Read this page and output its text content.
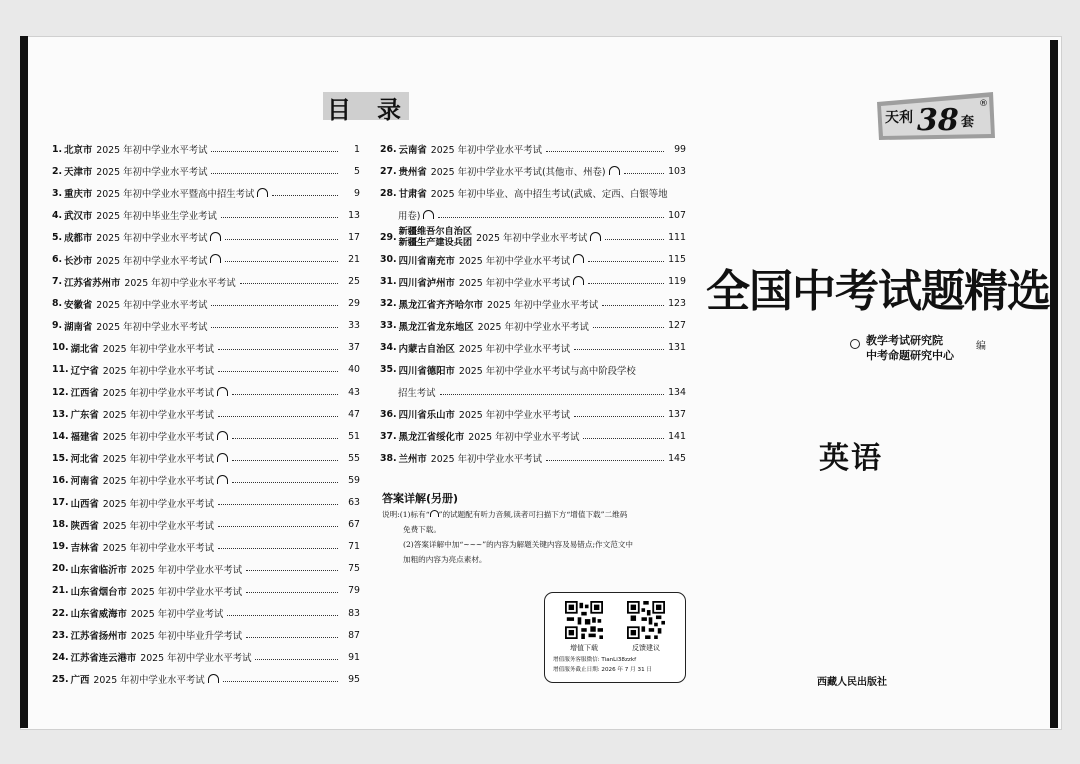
目录
1. 北京市 2025 年初中学业水平考试	1
2. 天津市 2025 年初中学业水平考试	5
3. 重庆市 2025 年初中学业水平暨高中招生考试	9
4. 武汉市 2025 年初中毕业生学业考试	13
5. 成都市 2025 年初中学业水平考试	17
6. 长沙市 2025 年初中学业水平考试	21
7. 江苏省苏州市 2025 年初中学业水平考试	25
8. 安徽省 2025 年初中学业水平考试	29
9. 湖南省 2025 年初中学业水平考试	33
10. 湖北省 2025 年初中学业水平考试	37
11. 辽宁省 2025 年初中学业水平考试	40
12. 江西省 2025 年初中学业水平考试	43
13. 广东省 2025 年初中学业水平考试	47
14. 福建省 2025 年初中学业水平考试	51
15. 河北省 2025 年初中学业水平考试	55
16. 河南省 2025 年初中学业水平考试	59
17. 山西省 2025 年初中学业水平考试	63
18. 陕西省 2025 年初中学业水平考试	67
19. 吉林省 2025 年初中学业水平考试	71
20. 山东省临沂市 2025 年初中学业水平考试	75
21. 山东省烟台市 2025 年初中学业水平考试	79
22. 山东省威海市 2025 年初中学业考试	83
23. 江苏省扬州市 2025 年初中毕业升学考试	87
24. 江苏省连云港市 2025 年初中学业水平考试	91
25. 广西 2025 年初中学业水平考试	95
26. 云南省 2025 年初中学业水平考试	99
27. 贵州省 2025 年初中学业水平考试(其他市、州卷)	103
28. 甘肃省 2025 年初中毕业、高中招生考试(武威、定西、白银等地
用卷)	107
29. 新疆维吾尔自治区
新疆生产建设兵团 2025 年初中学业水平考试	111
30. 四川省南充市 2025 年初中学业水平考试	115
31. 四川省泸州市 2025 年初中学业水平考试	119
32. 黑龙江省齐齐哈尔市 2025 年初中学业水平考试	123
33. 黑龙江省龙东地区 2025 年初中学业水平考试	127
34. 内蒙古自治区 2025 年初中学业水平考试	131
35. 四川省德阳市 2025 年初中学业水平考试与高中阶段学校
招生考试	134
36. 四川省乐山市 2025 年初中学业水平考试	137
37. 黑龙江省绥化市 2025 年初中学业水平考试	141
38. 兰州市 2025 年初中学业水平考试	145
答案详解(另册)

说明:(1)标有“ ”的试题配有听力音频,读者可扫描下方“增值下载”二维码

免费下载。

(2)答案详解中加“~~~”的内容为解题关键内容及易错点;作文范文中

加粗的内容为亮点素材。

增值下载	反馈建议
增值服务客服微信: TianLi38zzkf
增值服务截止日期: 2026 年 7 月 31 日
天利 38 套
®
全国中考试题精选
教学考试研究院
中考命题研究中心
编
英语
西藏人民出版社
